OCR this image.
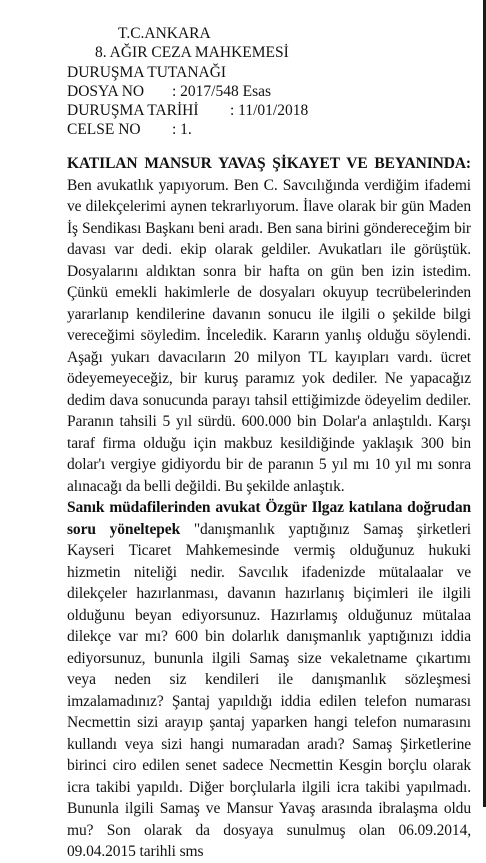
T.C.ANKARA
8. AĞIR CEZA MAHKEMESİ
DURUŞMA TUTANAĞI
DOSYA NO : 2017/548 Esas
DURUŞMA TARİHİ : 11/01/2018
CELSE NO : 1.

KATILAN MANSUR YAVAŞ ŞİKAYET VE BEYANINDA: Ben avukatlık yapıyorum. Ben C. Savcılığında verdiğim ifademi ve dilekçelerimi aynen tekrarlıyorum. İlave olarak bir gün Maden İş Sendikası Başkanı beni aradı. Ben sana birini göndereceğim bir davası var dedi. ekip olarak geldiler. Avukatları ile görüştük. Dosyalarını aldıktan sonra bir hafta on gün ben izin istedim. Çünkü emekli hakimlerle de dosyaları okuyup tecrübelerinden yararlanıp kendilerine davanın sonucu ile ilgili o şekilde bilgi vereceğimi söyledim. İnceledik. Kararın yanlış olduğu söylendi. Aşağı yukarı davacıların 20 milyon TL kayıpları vardı. ücret ödeyemeyeceğiz, bir kuruş paramız yok dediler. Ne yapacağız dedim dava sonucunda parayı tahsil ettiğimizde ödeyelim dediler. Paranın tahsili 5 yıl sürdü. 600.000 bin Dolar'a anlaştıldı. Karşı taraf firma olduğu için makbuz kesildiğinde yaklaşık 300 bin dolar'ı vergiye gidiyordu bir de paranın 5 yıl mı 10 yıl mı sonra alınacağı da belli değildi. Bu şekilde anlaştık.

Sanık müdafilerinden avukat Özgür Ilgaz katılana doğrudan soru yöneltерek "danışmanlık yaptığınız Samaş şirketleri Kayseri Ticaret Mahkemesinde vermiş olduğunuz hukuki hizmetin niteliği nedir. Savcılık ifadenizde mütalaalar ve dilekçeler hazırlanması, davanın hazırlanış biçimleri ile ilgili olduğunu beyan ediyorsunuz. Hazırlamış olduğunuz mütalaa dilekçe var mı? 600 bin dolarlık danışmanlık yaptığınızı iddia ediyorsunuz, bununla ilgili Samaş size vekaletname çıkartımı veya neden siz kendileri ile danışmanlık sözleşmesi imzalamadınız? Şantaj yapıldığı iddia edilen telefon numarası Necmettin sizi arayıp şantaj yaparken hangi telefon numarasını kullandı veya sizi hangi numaradan aradı? Samaş Şirketlerine birinci ciro edilen senet sadece Necmettin Kesgin borçlu olarak icra takibi yapıldı. Diğer borçlularla ilgili icra takibi yapılmadı. Bununla ilgili Samaş ve Mansur Yavaş arasında ibralaşma oldu mu? Son olarak da dosyaya sunulmuş olan 06.09.2014, 09.04.2015 tarihli sms
